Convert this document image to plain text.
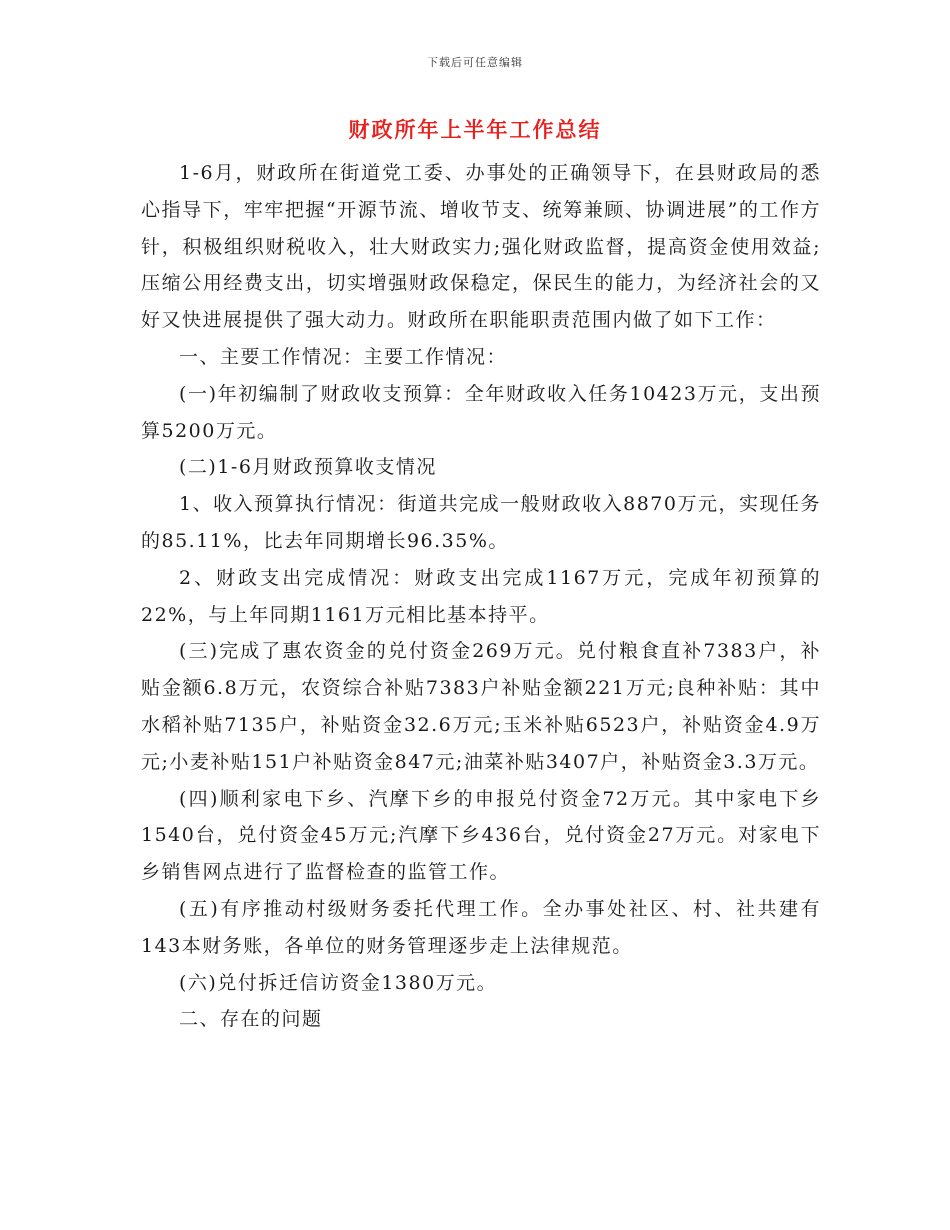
下载后可任意编辑
财政所年上半年工作总结

1-6月，财政所在街道党工委、办事处的正确领导下，在县财政局的悉心指导下，牢牢把握“开源节流、增收节支、统筹兼顾、协调进展”的工作方针，积极组织财税收入，壮大财政实力;强化财政监督，提高资金使用效益;压缩公用经费支出，切实增强财政保稳定，保民生的能力，为经济社会的又好又快进展提供了强大动力。财政所在职能职责范围内做了如下工作：

一、主要工作情况：主要工作情况：

(一)年初编制了财政收支预算：全年财政收入任务10423万元，支出预算5200万元。

(二)1-6月财政预算收支情况

1、收入预算执行情况：街道共完成一般财政收入8870万元，实现任务的85.11%，比去年同期增长96.35%。

2、财政支出完成情况：财政支出完成1167万元，完成年初预算的22%，与上年同期1161万元相比基本持平。

(三)完成了惠农资金的兑付资金269万元。兑付粮食直补7383户，补贴金额6.8万元，农资综合补贴7383户补贴金额221万元;良种补贴：其中水稻补贴7135户，补贴资金32.6万元;玉米补贴6523户，补贴资金4.9万元;小麦补贴151户补贴资金847元;油菜补贴3407户，补贴资金3.3万元。

(四)顺利家电下乡、汽摩下乡的申报兑付资金72万元。其中家电下乡1540台，兑付资金45万元;汽摩下乡436台，兑付资金27万元。对家电下乡销售网点进行了监督检查的监管工作。

(五)有序推动村级财务委托代理工作。全办事处社区、村、社共建有143本财务账，各单位的财务管理逐步走上法律规范。

(六)兑付拆迁信访资金1380万元。

二、存在的问题
